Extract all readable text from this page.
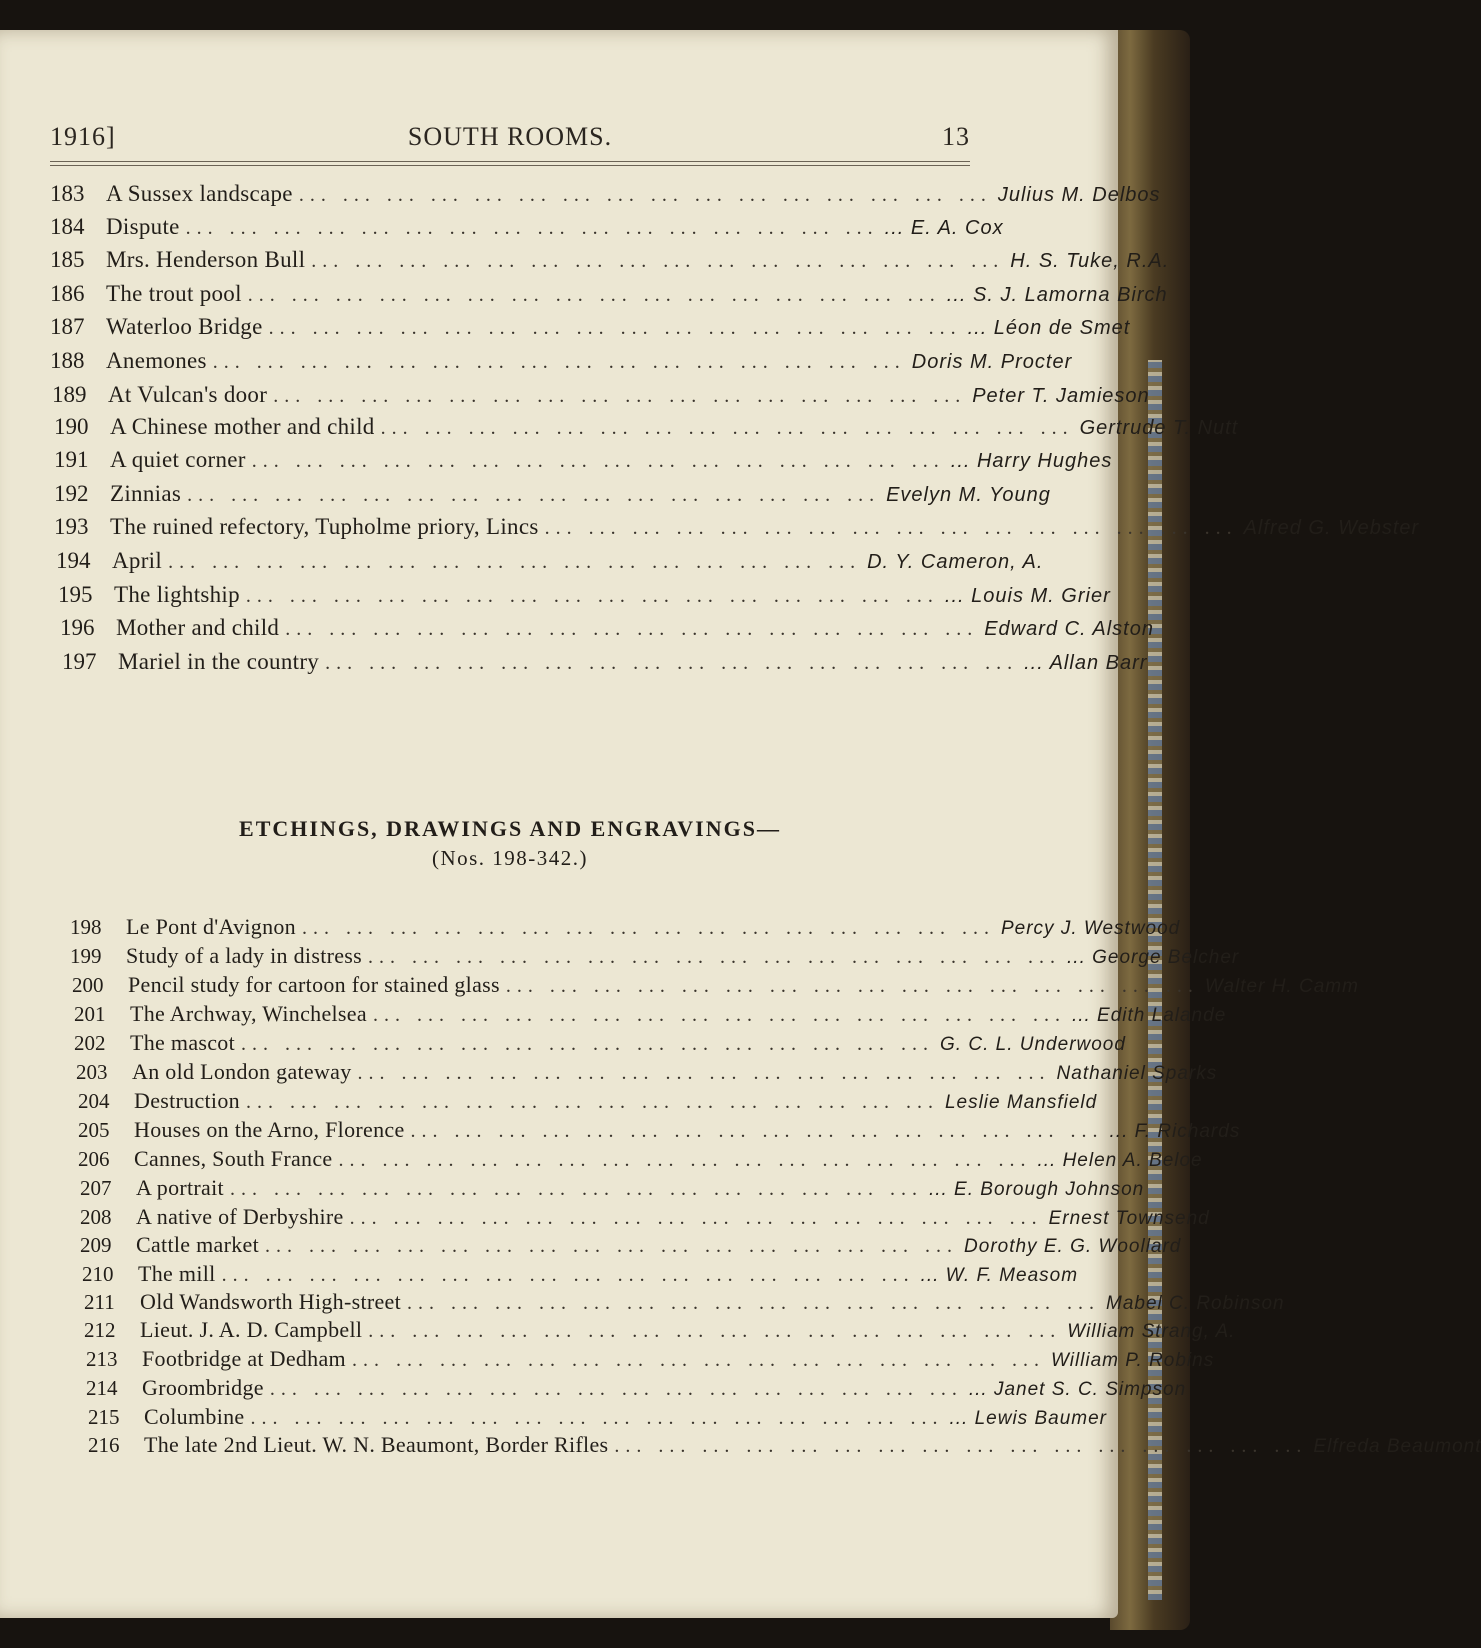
1916]	SOUTH ROOMS.	13
183 A Sussex landscape ... ... ... ... ... ... ... ... ... ... ... ... ... ... ... ... Julius M. Delbos
184 Dispute ... ... ... ... ... ... ... ... ... ... ... ... ... ... ... ... ... E. A. Cox
185 Mrs. Henderson Bull ... ... ... ... ... ... ... ... ... ... ... ... ... ... ... ... H. S. Tuke, R.A.
186 The trout pool ... ... ... ... ... ... ... ... ... ... ... ... ... ... ... ... ... S. J. Lamorna Birch
187 Waterloo Bridge ... ... ... ... ... ... ... ... ... ... ... ... ... ... ... ... ... Léon de Smet
188 Anemones ... ... ... ... ... ... ... ... ... ... ... ... ... ... ... ... Doris M. Procter
189 At Vulcan's door ... ... ... ... ... ... ... ... ... ... ... ... ... ... ... ... Peter T. Jamieson
190 A Chinese mother and child ... ... ... ... ... ... ... ... ... ... ... ... ... ... ... ... Gertrude T. Nutt
191 A quiet corner ... ... ... ... ... ... ... ... ... ... ... ... ... ... ... ... ... Harry Hughes
192 Zinnias ... ... ... ... ... ... ... ... ... ... ... ... ... ... ... ... Evelyn M. Young
193 The ruined refectory, Tupholme priory, Lincs ... ... ... ... ... ... ... ... ... ... ... ... ... ... ... ... Alfred G. Webster
194 April ... ... ... ... ... ... ... ... ... ... ... ... ... ... ... ... D. Y. Cameron, A.
195 The lightship ... ... ... ... ... ... ... ... ... ... ... ... ... ... ... ... ... Louis M. Grier
196 Mother and child ... ... ... ... ... ... ... ... ... ... ... ... ... ... ... ... Edward C. Alston
197 Mariel in the country ... ... ... ... ... ... ... ... ... ... ... ... ... ... ... ... ... Allan Barr
ETCHINGS, DRAWINGS AND ENGRAVINGS—
(Nos. 198-342.)
198	Le Pont d'Avignon ... ... ... ... ... ... ... ... ... ... ... ... ... ... ... ... Percy J. Westwood
199	Study of a lady in distress ... ... ... ... ... ... ... ... ... ... ... ... ... ... ... ... ... George Belcher
200	Pencil study for cartoon for stained glass ... ... ... ... ... ... ... ... ... ... ... ... ... ... ... ... Walter H. Camm
201	The Archway, Winchelsea ... ... ... ... ... ... ... ... ... ... ... ... ... ... ... ... ... Edith Lalande
202	The mascot ... ... ... ... ... ... ... ... ... ... ... ... ... ... ... ... G. C. L. Underwood
203	An old London gateway ... ... ... ... ... ... ... ... ... ... ... ... ... ... ... ... Nathaniel Sparks
204	Destruction ... ... ... ... ... ... ... ... ... ... ... ... ... ... ... ... Leslie Mansfield
205	Houses on the Arno, Florence ... ... ... ... ... ... ... ... ... ... ... ... ... ... ... ... ... F. Richards
206	Cannes, South France ... ... ... ... ... ... ... ... ... ... ... ... ... ... ... ... ... Helen A. Beloe
207	A portrait ... ... ... ... ... ... ... ... ... ... ... ... ... ... ... ... ... E. Borough Johnson
208	A native of Derbyshire ... ... ... ... ... ... ... ... ... ... ... ... ... ... ... ... Ernest Townsend
209	Cattle market ... ... ... ... ... ... ... ... ... ... ... ... ... ... ... ... Dorothy E. G. Woollard
210	The mill ... ... ... ... ... ... ... ... ... ... ... ... ... ... ... ... ... W. F. Measom
211	Old Wandsworth High-street ... ... ... ... ... ... ... ... ... ... ... ... ... ... ... ... Mabel C. Robinson
212	Lieut. J. A. D. Campbell ... ... ... ... ... ... ... ... ... ... ... ... ... ... ... ... William Strang, A.
213	Footbridge at Dedham ... ... ... ... ... ... ... ... ... ... ... ... ... ... ... ... William P. Robins
214	Groombridge ... ... ... ... ... ... ... ... ... ... ... ... ... ... ... ... ... Janet S. C. Simpson
215	Columbine ... ... ... ... ... ... ... ... ... ... ... ... ... ... ... ... ... Lewis Baumer
216	The late 2nd Lieut. W. N. Beaumont, Border Rifles ... ... ... ... ... ... ... ... ... ... ... ... ... ... ... ... Elfreda Beaumont
